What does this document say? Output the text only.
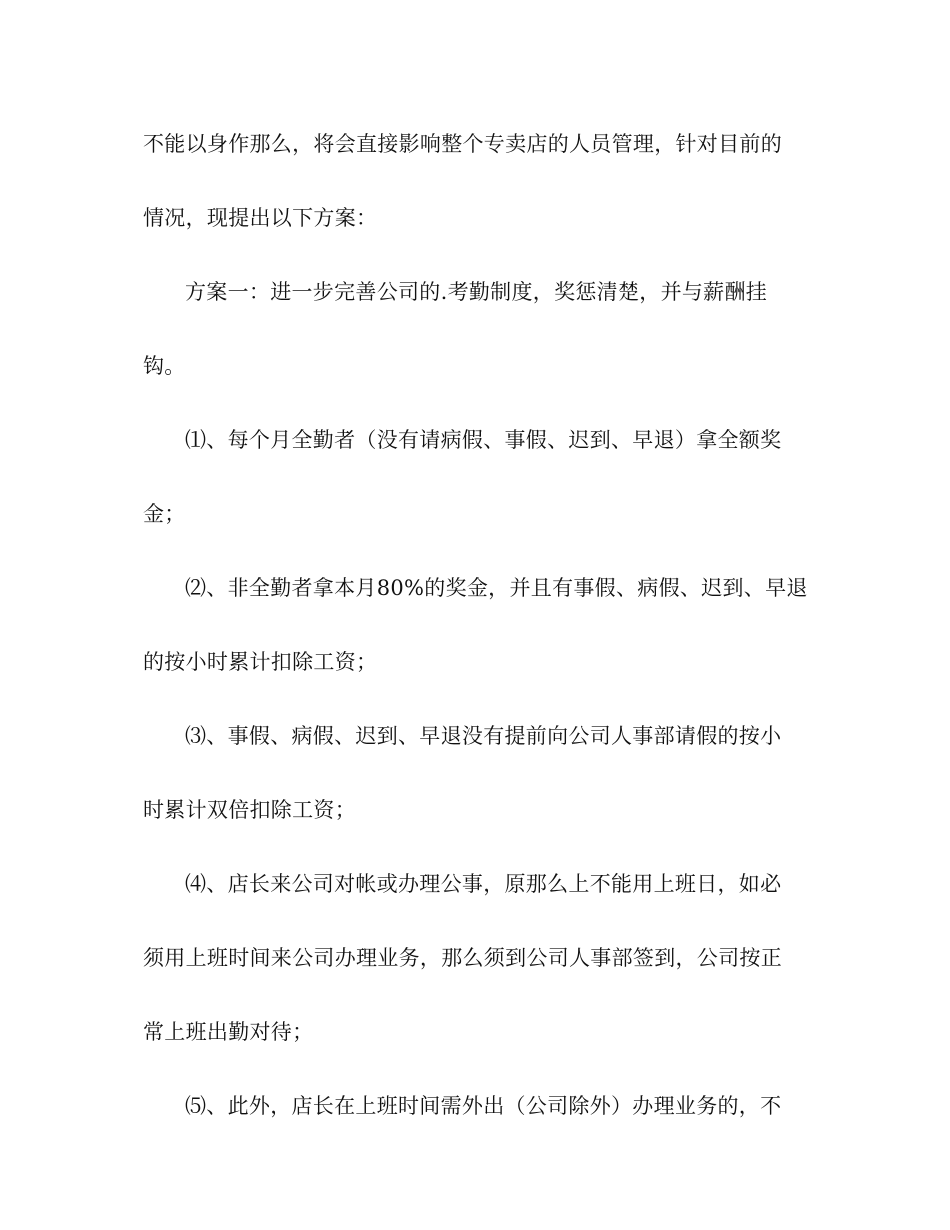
不能以身作那么，将会直接影响整个专卖店的人员管理，针对目前的
情况，现提出以下方案：
方案一：进一步完善公司的.考勤制度，奖惩清楚，并与薪酬挂
钩。
⑴、每个月全勤者（没有请病假、事假、迟到、早退）拿全额奖
金；
⑵、非全勤者拿本月80%的奖金，并且有事假、病假、迟到、早退
的按小时累计扣除工资；
⑶、事假、病假、迟到、早退没有提前向公司人事部请假的按小
时累计双倍扣除工资；
⑷、店长来公司对帐或办理公事，原那么上不能用上班日，如必
须用上班时间来公司办理业务，那么须到公司人事部签到，公司按正
常上班出勤对待；
⑸、此外，店长在上班时间需外出（公司除外）办理业务的，不
